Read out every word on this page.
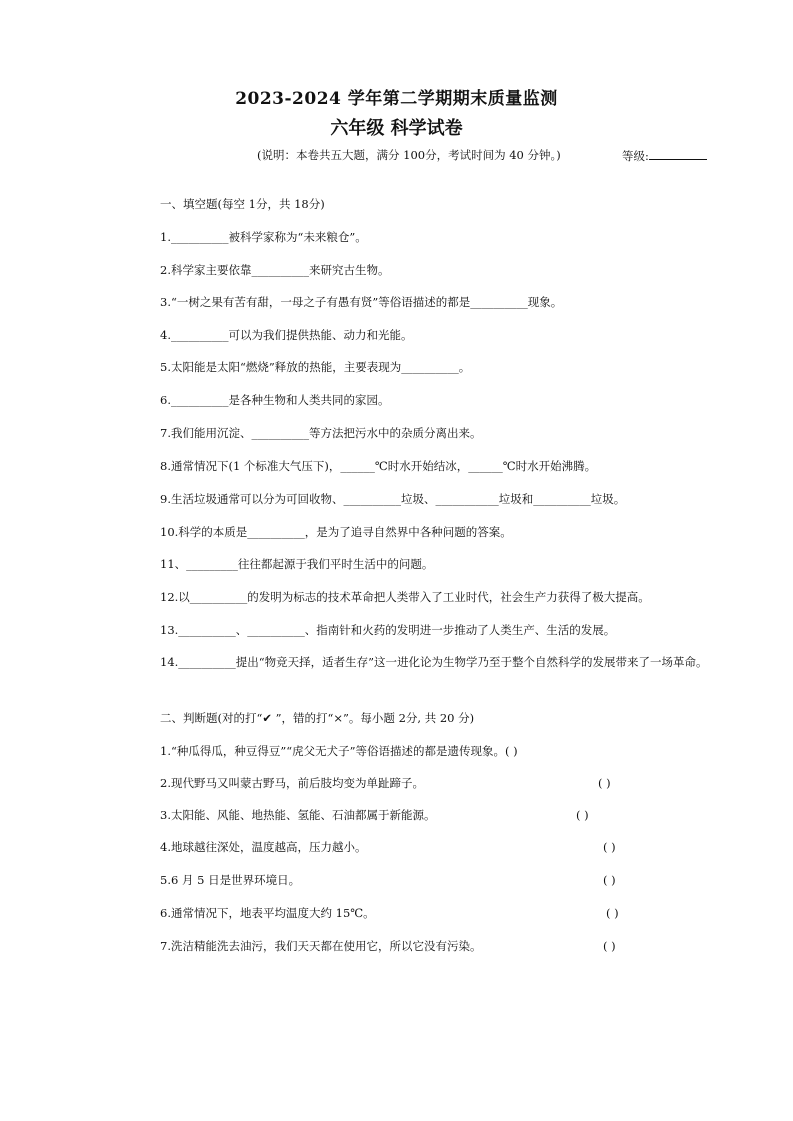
2023-2024 学年第二学期期末质量监测
六年级 科学试卷
(说明：本卷共五大题，满分 100分，考试时间为 40 分钟。)	等级:
一、填空题(每空 1分，共 18分)
1.__________被科学家称为“未来粮仓”。
2.科学家主要依靠__________来研究古生物。
3.“一树之果有苦有甜，一母之子有愚有贤”等俗语描述的都是__________现象。
4.__________可以为我们提供热能、动力和光能。
5.太阳能是太阳“燃烧”释放的热能，主要表现为__________。
6.__________是各种生物和人类共同的家园。
7.我们能用沉淀、__________等方法把污水中的杂质分离出来。
8.通常情况下(1 个标准大气压下)，______℃时水开始结冰，______℃时水开始沸腾。
9.生活垃圾通常可以分为可回收物、__________垃圾、___________垃圾和__________垃圾。
10.科学的本质是__________，是为了追寻自然界中各种问题的答案。
11、_________往往都起源于我们平时生活中的问题。
12.以__________的发明为标志的技术革命把人类带入了工业时代，社会生产力获得了极大提高。
13.__________、__________、指南针和火药的发明进一步推动了人类生产、生活的发展。
14.__________提出“物竞天择，适者生存”这一进化论为生物学乃至于整个自然科学的发展带来了一场革命。
二、判断题(对的打“✔ ”，错的打“×”。每小题 2分, 共 20 分)
1.“种瓜得瓜，种豆得豆”“虎父无犬子”等俗语描述的都是遗传现象。( )
2.现代野马又叫蒙古野马，前后肢均变为单趾蹄子。	( )
3.太阳能、风能、地热能、氢能、石油都属于新能源。	( )
4.地球越往深处，温度越高，压力越小。	( )
5.6 月 5 日是世界环境日。	( )
6.通常情况下，地表平均温度大约 15℃。	( )
7.洗洁精能洗去油污，我们天天都在使用它，所以它没有污染。	( )
